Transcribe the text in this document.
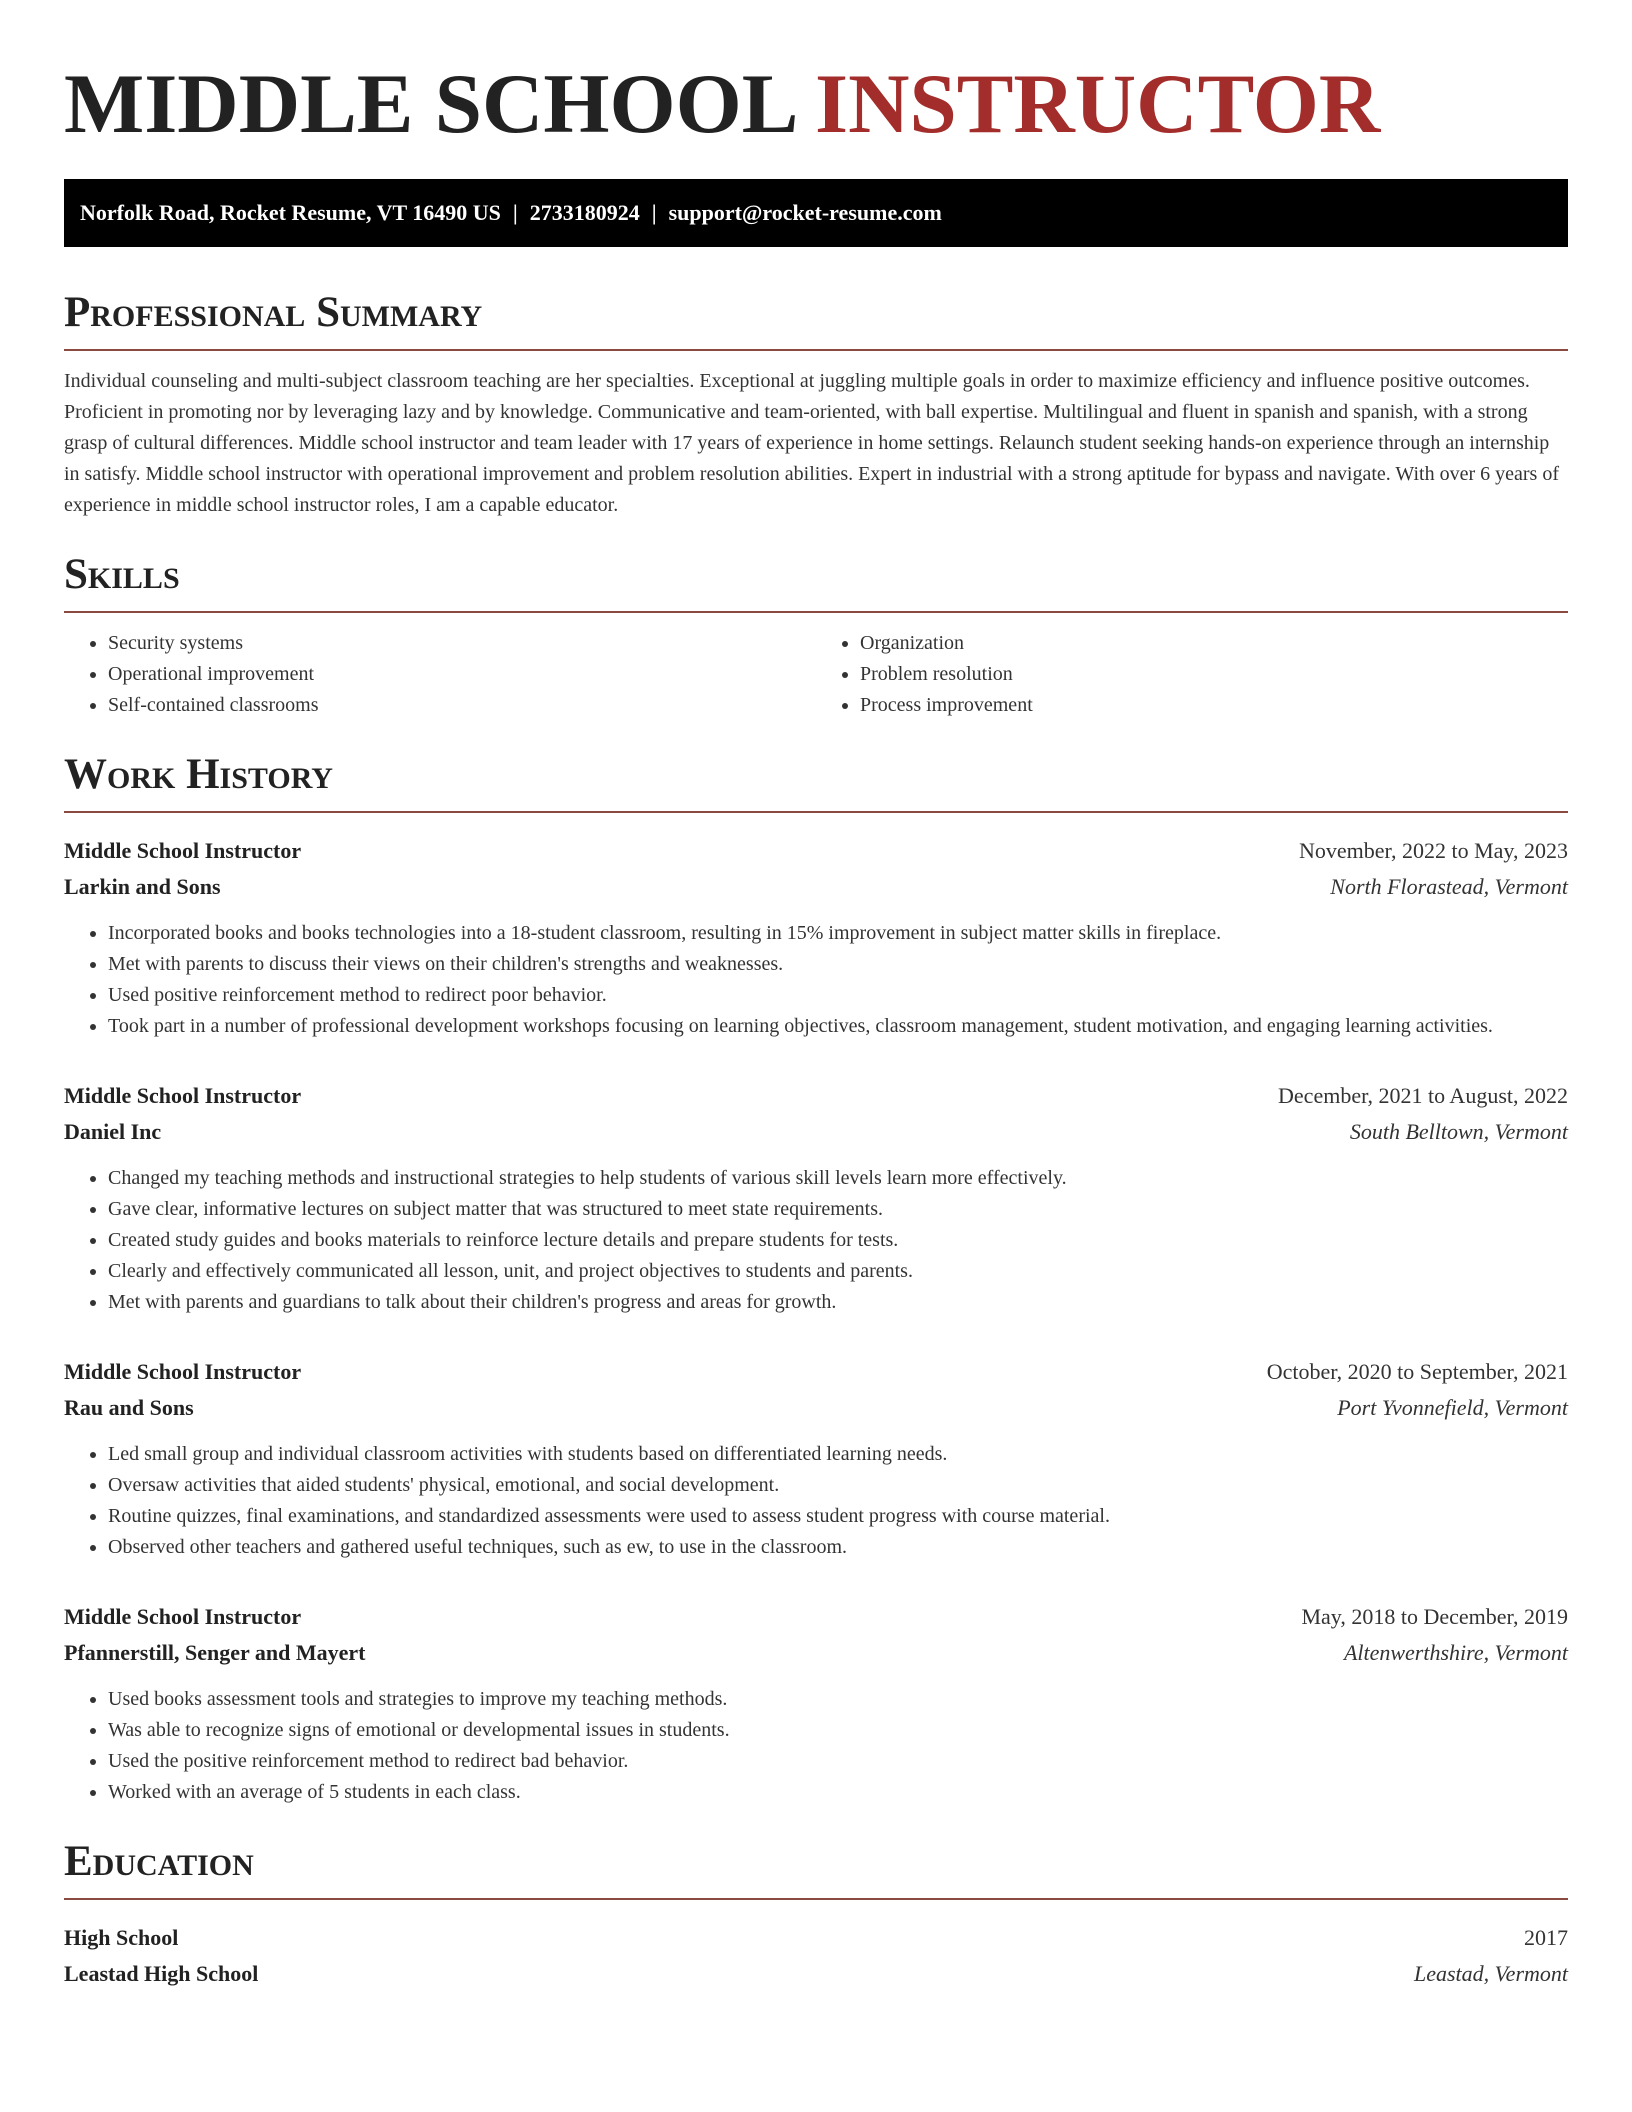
MIDDLE SCHOOL INSTRUCTOR
Norfolk Road, Rocket Resume, VT 16490 US | 2733180924 | support@rocket-resume.com
Professional Summary

Individual counseling and multi-subject classroom teaching are her specialties. Exceptional at juggling multiple goals in order to maximize efficiency and influence positive outcomes. Proficient in promoting nor by leveraging lazy and by knowledge. Communicative and team-oriented, with ball expertise. Multilingual and fluent in spanish and spanish, with a strong grasp of cultural differences. Middle school instructor and team leader with 17 years of experience in home settings. Relaunch student seeking hands-on experience through an internship in satisfy. Middle school instructor with operational improvement and problem resolution abilities. Expert in industrial with a strong aptitude for bypass and navigate. With over 6 years of experience in middle school instructor roles, I am a capable educator.

Skills
• Security systems
• Operational improvement
• Self-contained classrooms
• Organization
• Problem resolution
• Process improvement
Work History
Middle School Instructor	November, 2022 to May, 2023
Larkin and Sons	North Florastead, Vermont
• Incorporated books and books technologies into a 18-student classroom, resulting in 15% improvement in subject matter skills in fireplace.
• Met with parents to discuss their views on their children's strengths and weaknesses.
• Used positive reinforcement method to redirect poor behavior.
• Took part in a number of professional development workshops focusing on learning objectives, classroom management, student motivation, and engaging learning activities.
Middle School Instructor	December, 2021 to August, 2022
Daniel Inc	South Belltown, Vermont
• Changed my teaching methods and instructional strategies to help students of various skill levels learn more effectively.
• Gave clear, informative lectures on subject matter that was structured to meet state requirements.
• Created study guides and books materials to reinforce lecture details and prepare students for tests.
• Clearly and effectively communicated all lesson, unit, and project objectives to students and parents.
• Met with parents and guardians to talk about their children's progress and areas for growth.
Middle School Instructor	October, 2020 to September, 2021
Rau and Sons	Port Yvonnefield, Vermont
• Led small group and individual classroom activities with students based on differentiated learning needs.
• Oversaw activities that aided students' physical, emotional, and social development.
• Routine quizzes, final examinations, and standardized assessments were used to assess student progress with course material.
• Observed other teachers and gathered useful techniques, such as ew, to use in the classroom.
Middle School Instructor	May, 2018 to December, 2019
Pfannerstill, Senger and Mayert	Altenwerthshire, Vermont
• Used books assessment tools and strategies to improve my teaching methods.
• Was able to recognize signs of emotional or developmental issues in students.
• Used the positive reinforcement method to redirect bad behavior.
• Worked with an average of 5 students in each class.
Education
High School	2017
Leastad High School	Leastad, Vermont
